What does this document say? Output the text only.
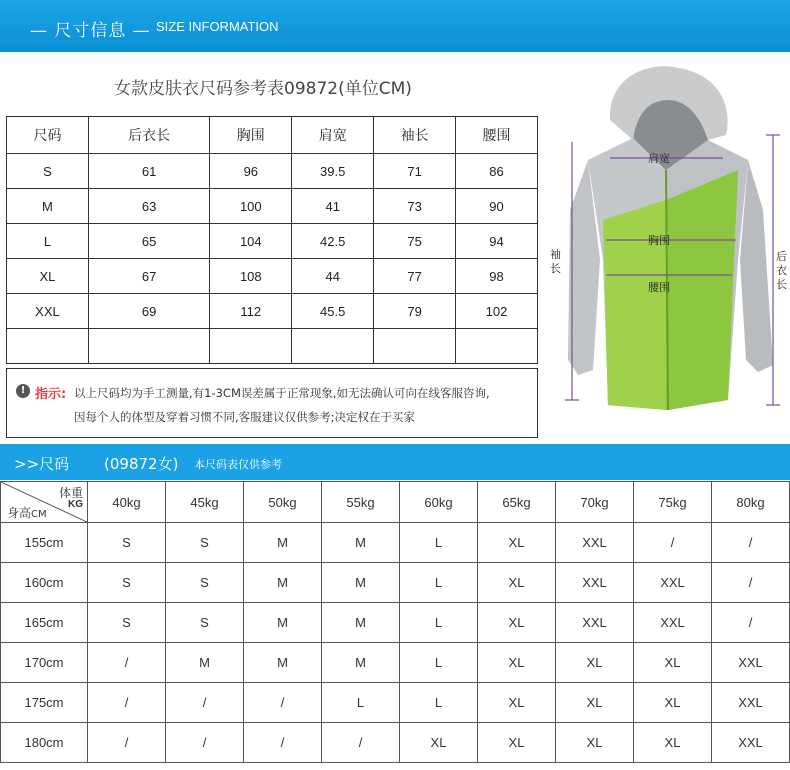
— 尺寸信息 — SIZE INFORMATION
女款皮肤衣尺码参考表09872(单位CM)
尺码	后衣长	胸围	肩宽	袖长	腰围
S	61	96	39.5	71	86
M	63	100	41	73	90
L	65	104	42.5	75	94
XL	67	108	44	77	98
XXL	69	112	45.5	79	102

! 指示: 以上尺码均为手工测量,有1-3CM误差属于正常现象,如无法确认可向在线客服咨询,
因每个人的体型及穿着习惯不同,客服建议仅供参考;决定权在于买家
肩宽
胸围
腰围
袖
长
后
衣
长
>>尺码 (09872女) 本尺码表仅供参考
体重
KG
身高CM	40kg	45kg	50kg	55kg	60kg	65kg	70kg	75kg	80kg
155cm	S	S	M	M	L	XL	XXL	/	/
160cm	S	S	M	M	L	XL	XXL	XXL	/
165cm	S	S	M	M	L	XL	XXL	XXL	/
170cm	/	M	M	M	L	XL	XL	XL	XXL
175cm	/	/	/	L	L	XL	XL	XL	XXL
180cm	/	/	/	/	XL	XL	XL	XL	XXL
